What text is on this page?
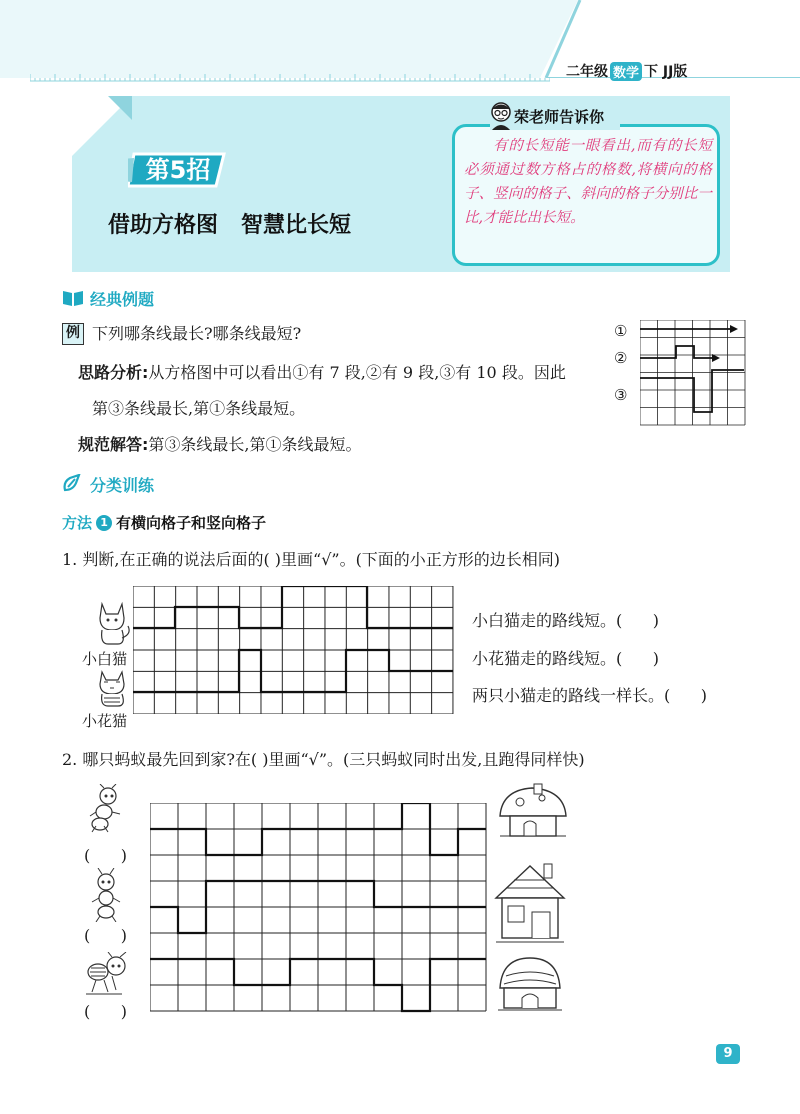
二年级 数学 下 JJ版
第5招
借助方格图   智慧比长短
荣老师告诉你
有的长短能一眼看出,而有的长短必须通过数方格占的格数,将横向的格子、竖向的格子、斜向的格子分别比一比,才能比出长短。
经典例题
例 下列哪条线最长?哪条线最短?
思路分析:从方格图中可以看出①有 7 段,②有 9 段,③有 10 段。因此
第③条线最长,第①条线最短。
规范解答:第③条线最长,第①条线最短。
①
②
③
分类训练
方法 1 有横向格子和竖向格子
1. 判断,在正确的说法后面的( )里画“√”。(下面的小正方形的边长相同)
小白猫
小花猫
小白猫走的路线短。(      )
小花猫走的路线短。(      )
两只小猫走的路线一样长。(      )
2. 哪只蚂蚁最先回到家?在( )里画“√”。(三只蚂蚁同时出发,且跑得同样快)
(      )
(      )
(      )
9
